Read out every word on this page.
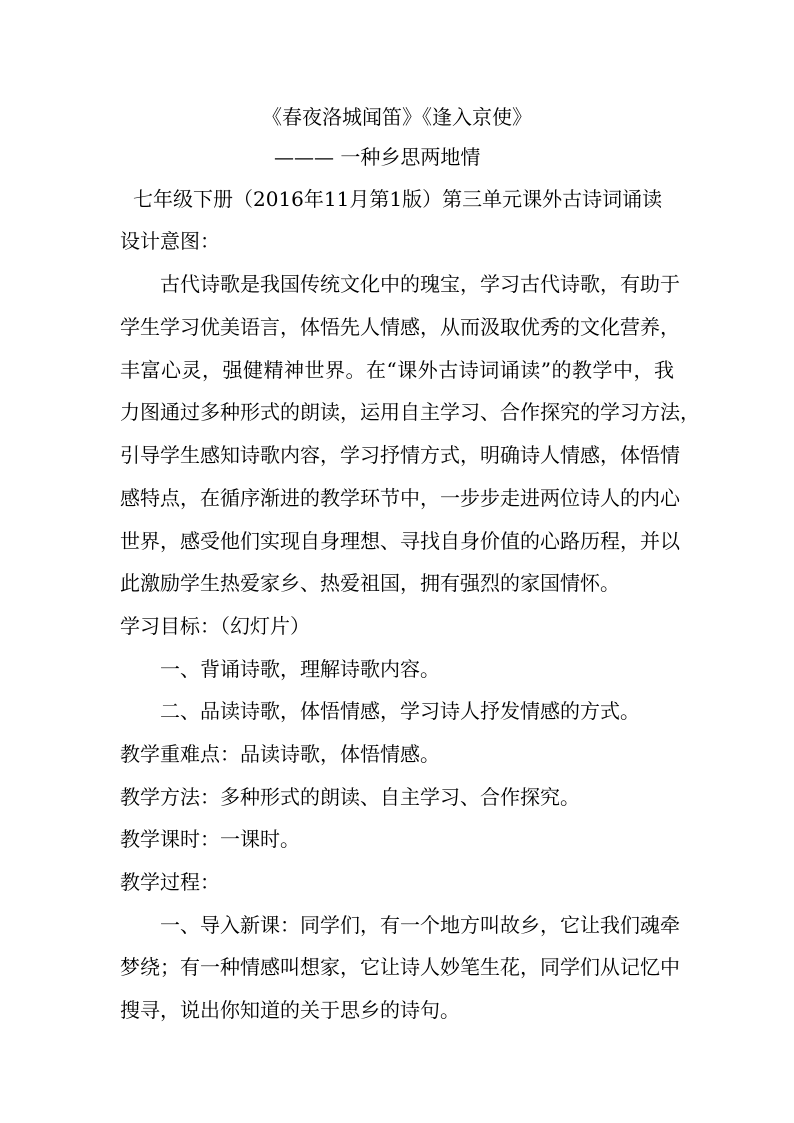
《春夜洛城闻笛》《逢入京使》
——— 一种乡思两地情
七年级下册（2016年11月第1版）第三单元课外古诗词诵读
设计意图：
古代诗歌是我国传统文化中的瑰宝，学习古代诗歌，有助于
学生学习优美语言，体悟先人情感，从而汲取优秀的文化营养，
丰富心灵，强健精神世界。在“课外古诗词诵读”的教学中，我
力图通过多种形式的朗读，运用自主学习、合作探究的学习方法，
引导学生感知诗歌内容，学习抒情方式，明确诗人情感，体悟情
感特点，在循序渐进的教学环节中，一步步走进两位诗人的内心
世界，感受他们实现自身理想、寻找自身价值的心路历程，并以
此激励学生热爱家乡、热爱祖国，拥有强烈的家国情怀。
学习目标：（幻灯片）
一、背诵诗歌，理解诗歌内容。
二、品读诗歌，体悟情感，学习诗人抒发情感的方式。
教学重难点：品读诗歌，体悟情感。
教学方法：多种形式的朗读、自主学习、合作探究。
教学课时：一课时。
教学过程：
一、导入新课：同学们，有一个地方叫故乡，它让我们魂牵
梦绕；有一种情感叫想家，它让诗人妙笔生花，同学们从记忆中
搜寻，说出你知道的关于思乡的诗句。
